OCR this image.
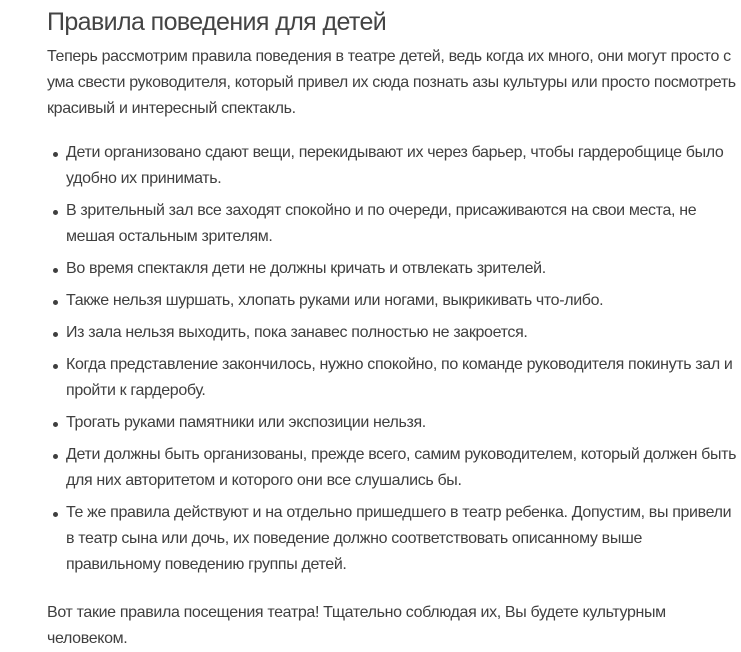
Правила поведения для детей

Теперь рассмотрим правила поведения в театре детей, ведь когда их много, они могут просто с ума свести руководителя, который привел их сюда познать азы культуры или просто посмотреть красивый и интересный спектакль.

Дети организовано сдают вещи, перекидывают их через барьер, чтобы гардеробщице было удобно их принимать.
В зрительный зал все заходят спокойно и по очереди, присаживаются на свои места, не мешая остальным зрителям.
Во время спектакля дети не должны кричать и отвлекать зрителей.
Также нельзя шуршать, хлопать руками или ногами, выкрикивать что-либо.
Из зала нельзя выходить, пока занавес полностью не закроется.
Когда представление закончилось, нужно спокойно, по команде руководителя покинуть зал и пройти к гардеробу.
Трогать руками памятники или экспозиции нельзя.
Дети должны быть организованы, прежде всего, самим руководителем, который должен быть для них авторитетом и которого они все слушались бы.
Те же правила действуют и на отдельно пришедшего в театр ребенка. Допустим, вы привели в театр сына или дочь, их поведение должно соответствовать описанному выше правильному поведению группы детей.

Вот такие правила посещения театра! Тщательно соблюдая их, Вы будете культурным человеком.
